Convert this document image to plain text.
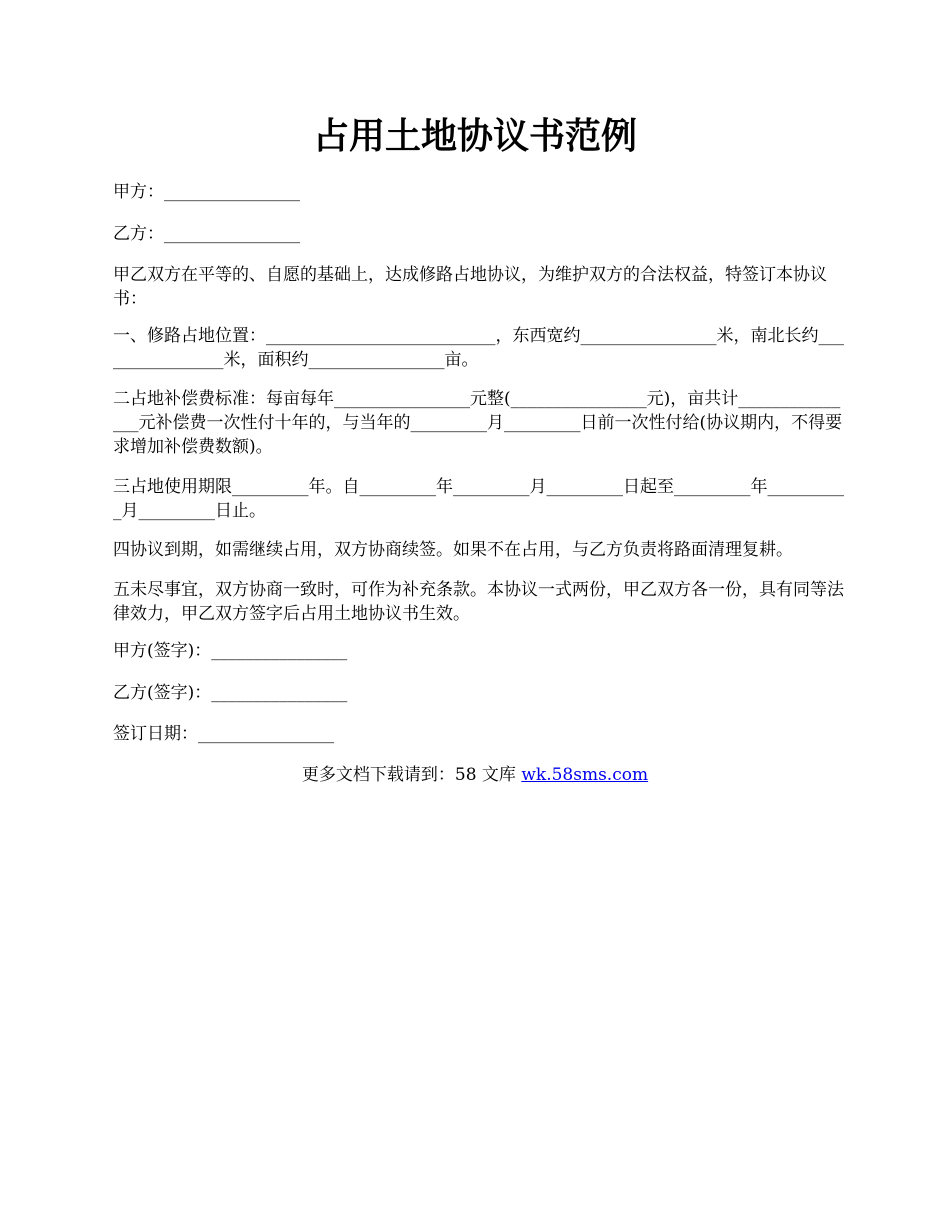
占用土地协议书范例

甲方：________________

乙方：________________

甲乙双方在平等的、自愿的基础上，达成修路占地协议，为维护双方的合法权益，特签订本协议书：

一、修路占地位置：___________________________，东西宽约________________米，南北长约________________米，面积约________________亩。

二占地补偿费标准：每亩每年________________元整(________________元)，亩共计_______________元补偿费一次性付十年的，与当年的_________月_________日前一次性付给(协议期内，不得要求增加补偿费数额)。

三占地使用期限_________年。自_________年_________月_________日起至_________年__________月_________日止。

四协议到期，如需继续占用，双方协商续签。如果不在占用，与乙方负责将路面清理复耕。

五未尽事宜，双方协商一致时，可作为补充条款。本协议一式两份，甲乙双方各一份，具有同等法律效力，甲乙双方签字后占用土地协议书生效。

甲方(签字)：________________

乙方(签字)：________________

签订日期：________________

更多文档下载请到：58 文库 wk.58sms.com
